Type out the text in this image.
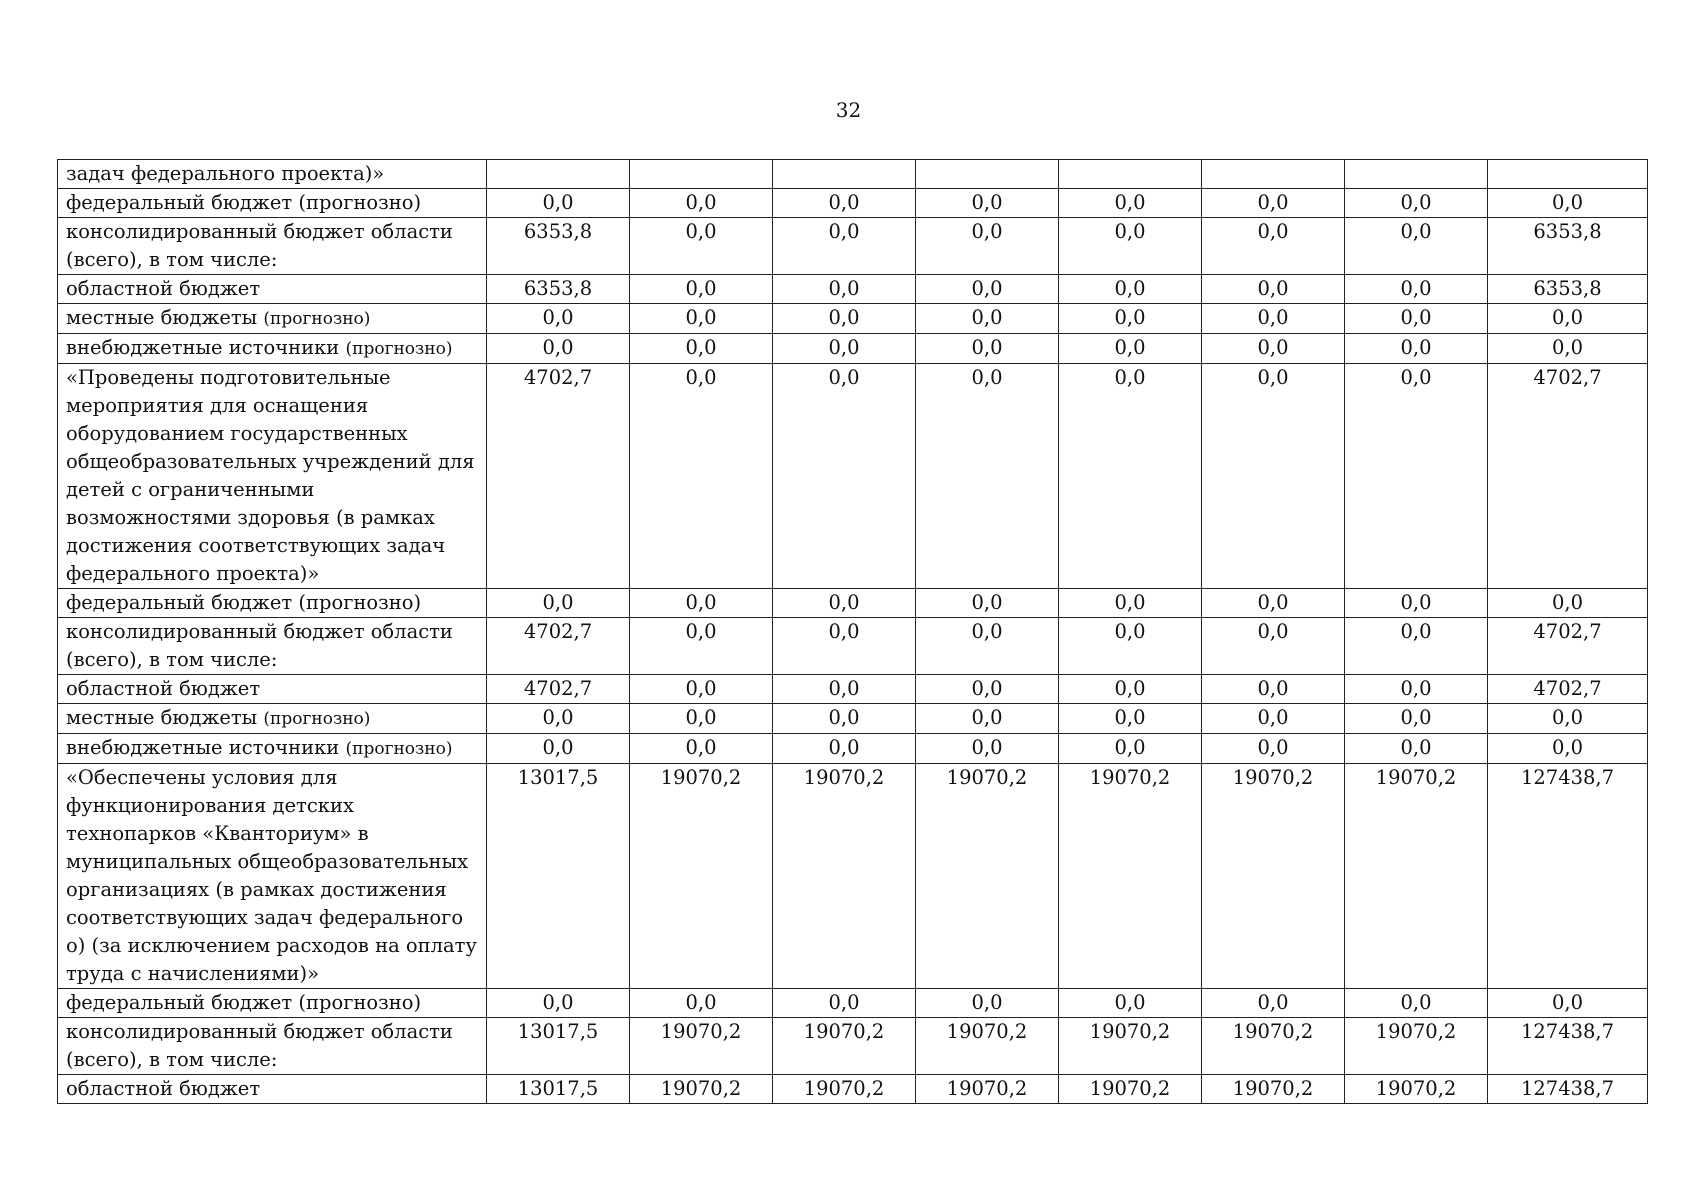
32
задач федерального проекта)»								
федеральный бюджет (прогнозно)	0,0	0,0	0,0	0,0	0,0	0,0	0,0	0,0
консолидированный бюджет области (всего), в том числе:	6353,8	0,0	0,0	0,0	0,0	0,0	0,0	6353,8
областной бюджет	6353,8	0,0	0,0	0,0	0,0	0,0	0,0	6353,8
местные бюджеты (прогнозно)	0,0	0,0	0,0	0,0	0,0	0,0	0,0	0,0
внебюджетные источники (прогнозно)	0,0	0,0	0,0	0,0	0,0	0,0	0,0	0,0
«Проведены подготовительные мероприятия для оснащения оборудованием государственных общеобразовательных учреждений для детей с ограниченными возможностями здоровья (в рамках достижения соответствующих задач федерального проекта)»	4702,7	0,0	0,0	0,0	0,0	0,0	0,0	4702,7
федеральный бюджет (прогнозно)	0,0	0,0	0,0	0,0	0,0	0,0	0,0	0,0
консолидированный бюджет области (всего), в том числе:	4702,7	0,0	0,0	0,0	0,0	0,0	0,0	4702,7
областной бюджет	4702,7	0,0	0,0	0,0	0,0	0,0	0,0	4702,7
местные бюджеты (прогнозно)	0,0	0,0	0,0	0,0	0,0	0,0	0,0	0,0
внебюджетные источники (прогнозно)	0,0	0,0	0,0	0,0	0,0	0,0	0,0	0,0
«Обеспечены условия для функционирования детских технопарков «Кванториум» в муниципальных общеобразовательных организациях (в рамках достижения соответствующих задач федерального о) (за исключением расходов на оплату труда с начислениями)»	13017,5	19070,2	19070,2	19070,2	19070,2	19070,2	19070,2	127438,7
федеральный бюджет (прогнозно)	0,0	0,0	0,0	0,0	0,0	0,0	0,0	0,0
консолидированный бюджет области (всего), в том числе:	13017,5	19070,2	19070,2	19070,2	19070,2	19070,2	19070,2	127438,7
областной бюджет	13017,5	19070,2	19070,2	19070,2	19070,2	19070,2	19070,2	127438,7
